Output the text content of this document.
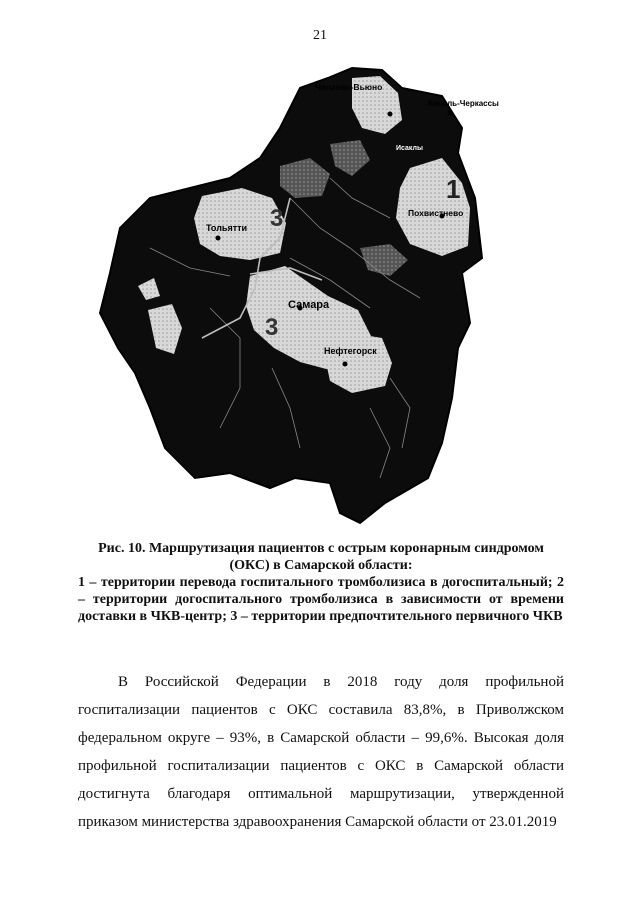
21
Чапаево-Вьюно
Кинель-Черкассы
Исаклы
Тольятти
Похвистнево
Самара
Нефтегорск
1
3
3
Рис. 10. Маршрутизация пациентов с острым коронарным синдромом (ОКС) в Самарской области:
1 – территории перевода госпитального тромболизиса в догоспитальный; 2 – территории догоспитального тромболизиса в зависимости от времени доставки в ЧКВ-центр; 3 – территории предпочтительного первичного ЧКВ
В Российской Федерации в 2018 году доля профильной госпитализации пациентов с ОКС составила 83,8%, в Приволжском федеральном округе – 93%, в Самарской области – 99,6%. Высокая доля профильной госпитализации пациентов с ОКС в Самарской области достигнута благодаря оптимальной маршрутизации, утвержденной приказом министерства здравоохранения Самарской области от 23.01.2019
